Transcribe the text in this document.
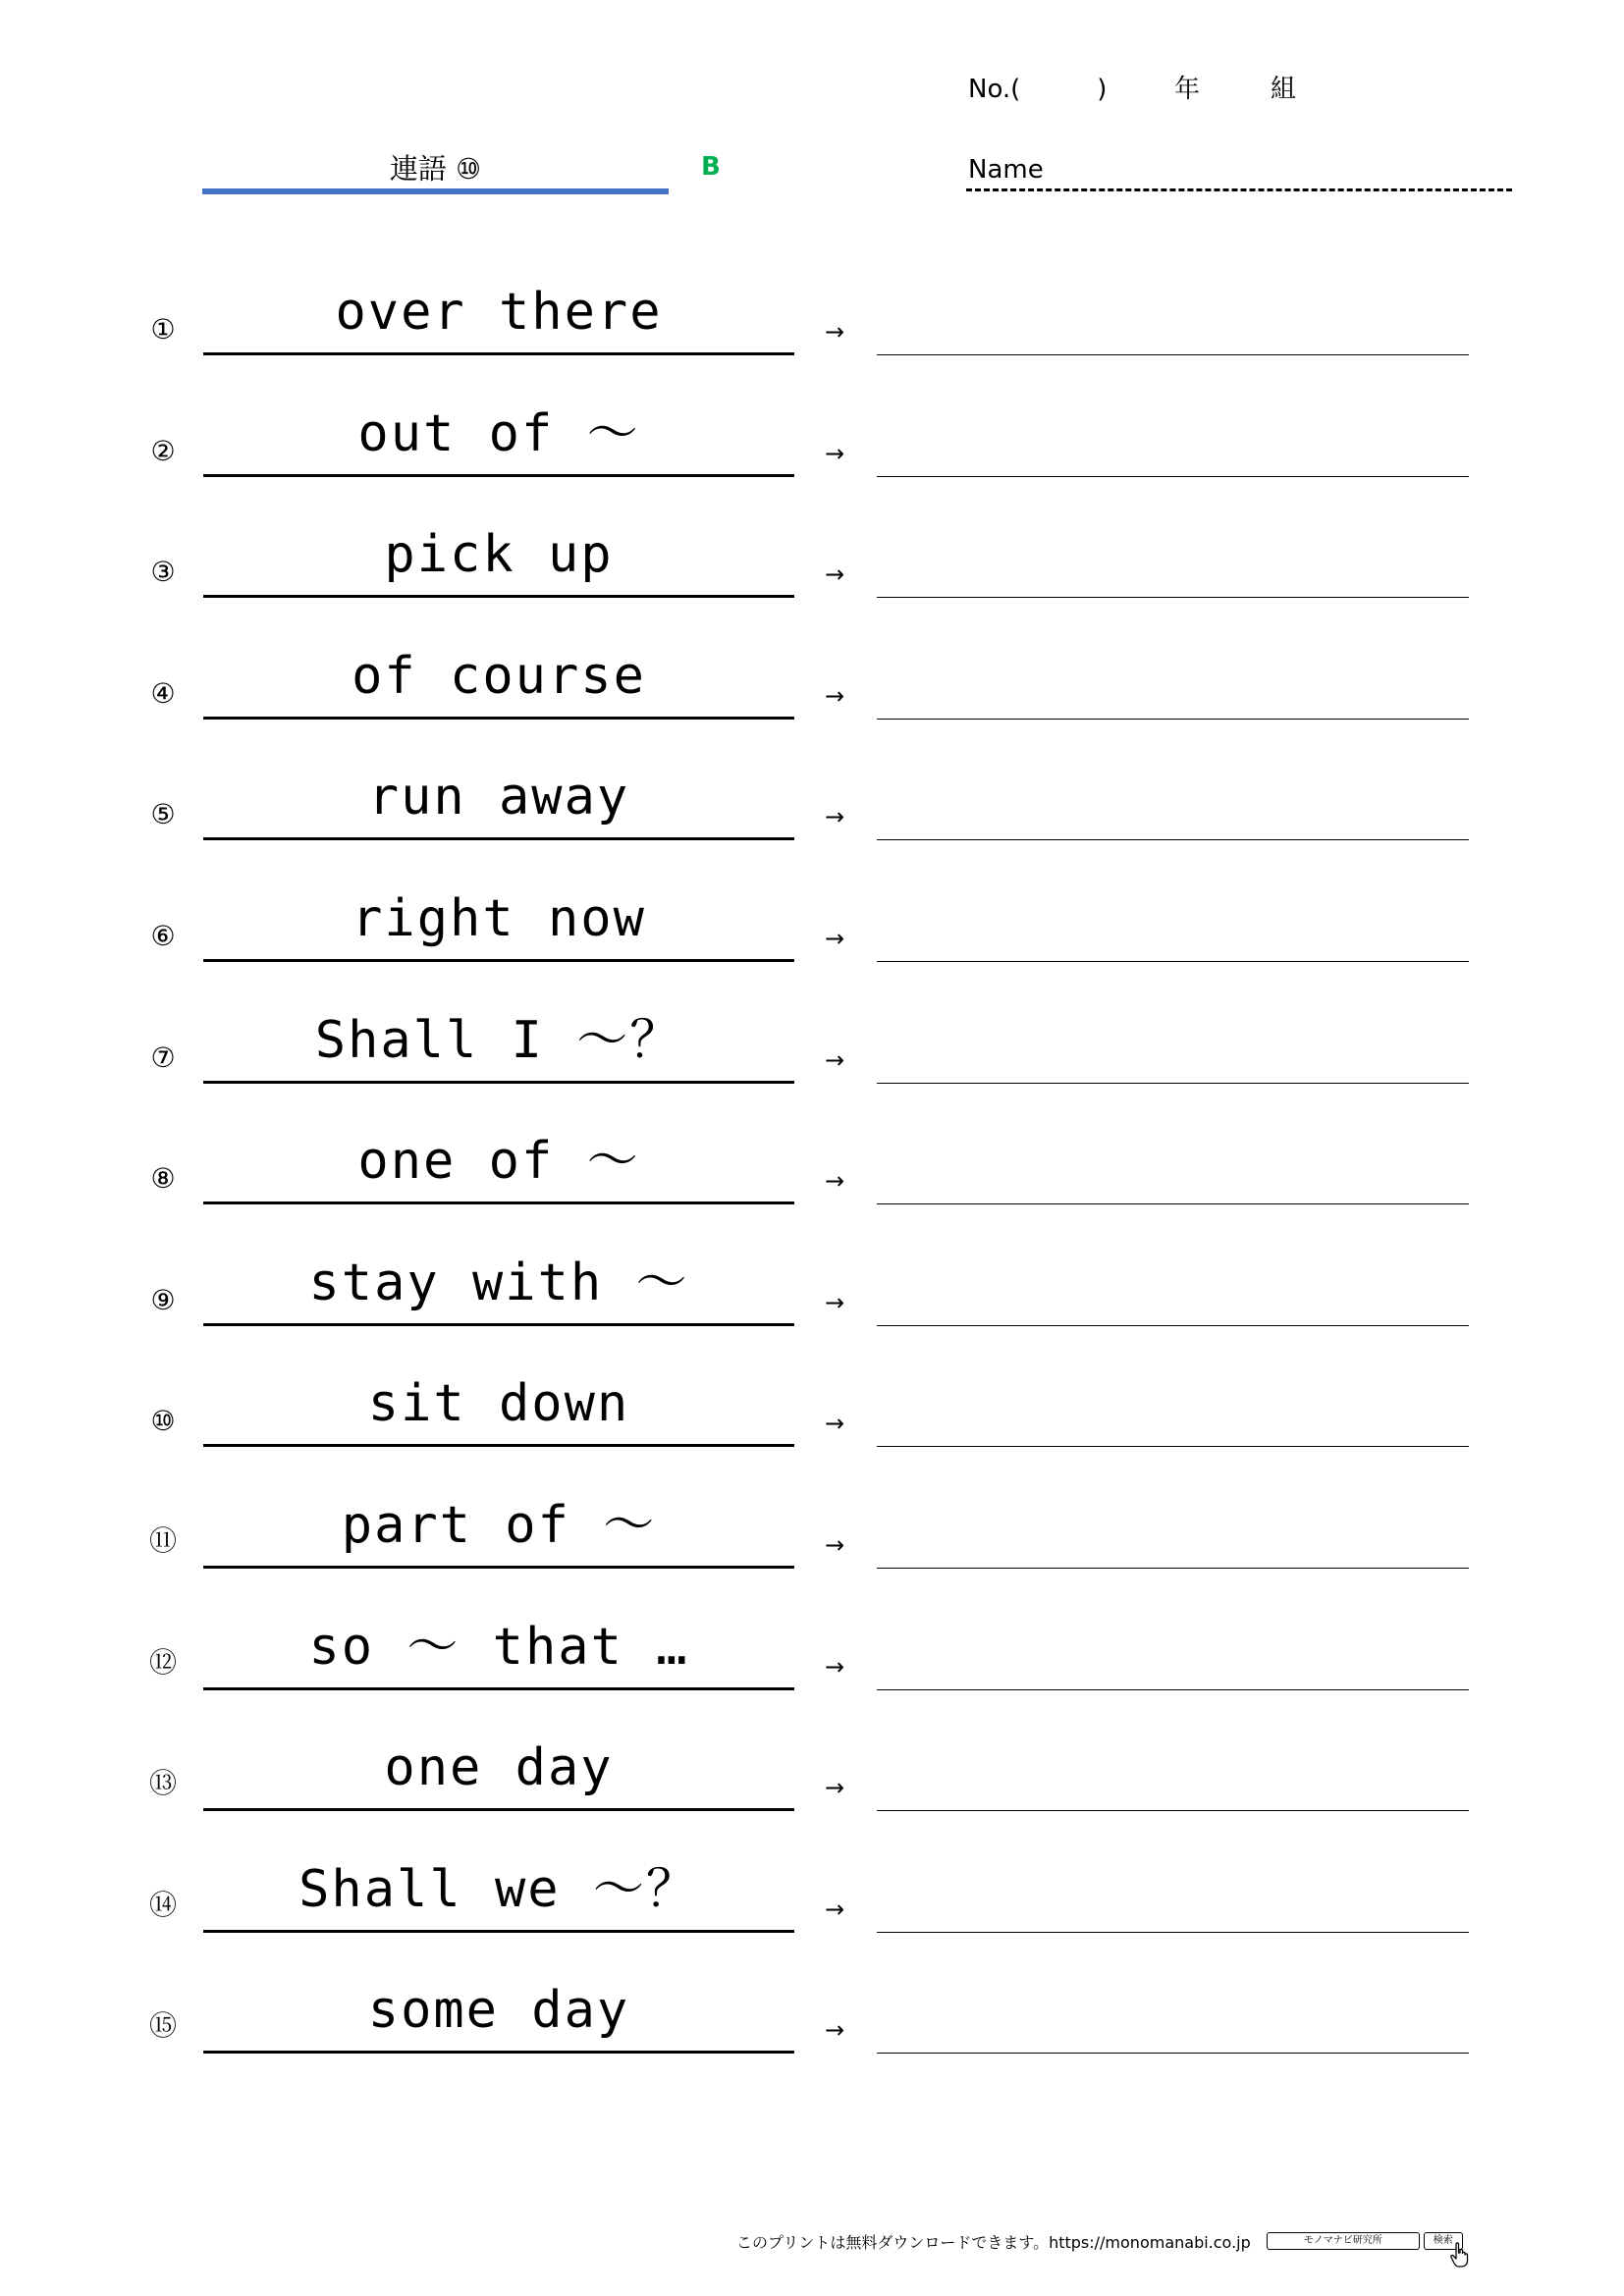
No.(　　　)	年	組
連語 ⑩	B	Name
①	over there	→
②	out of ～	→
③	pick up	→
④	of course	→
⑤	run away	→
⑥	right now	→
⑦	Shall I ～？	→
⑧	one of ～	→
⑨	stay with ～	→
⑩	sit down	→
⑪	part of ～	→
⑫	so ～ that …	→
⑬	one day	→
⑭	Shall we ～？	→
⑮	some day	→
このプリントは無料ダウンロードできます。https://monomanabi.co.jp	モノマナビ研究所	検索
